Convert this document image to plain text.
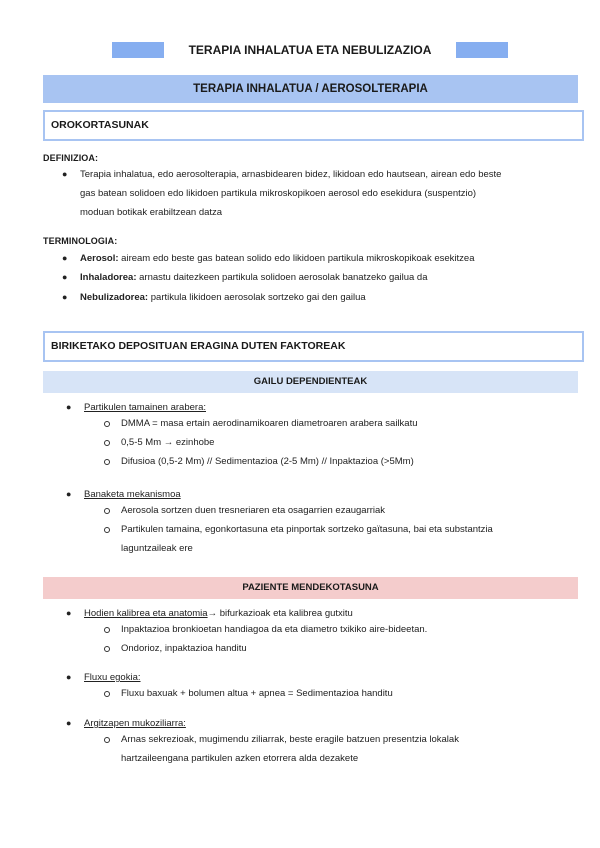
TERAPIA INHALATUA ETA NEBULIZAZIOA
TERAPIA INHALATUA / AEROSOLTERAPIA
OROKORTASUNAK
DEFINIZIOA:
● Terapia inhalatua, edo aerosolterapia, arnasbidearen bidez, likidoan edo hautsean, airean edo beste
gas batean solidoen edo likidoen partikula mikroskopikoen aerosol edo esekidura (suspentzio)
moduan botikak erabiltzean datza
TERMINOLOGIA:
● Aerosol: aiream edo beste gas batean solido edo likidoen partikula mikroskopikoak esekitzea
● Inhaladorea: arnastu daitezkeen partikula solidoen aerosolak banatzeko gailua da
● Nebulizadorea: partikula likidoen aerosolak sortzeko gai den gailua
BIRIKETAKO DEPOSITUAN ERAGINA DUTEN FAKTOREAK
GAILU DEPENDIENTEAK
● Partikulen tamainen arabera:
DMMA = masa ertain aerodinamikoaren diametroaren arabera sailkatu
0,5-5 Mm → ezinhobe
Difusioa (0,5-2 Mm) // Sedimentazioa (2-5 Mm) // Inpaktazioa (>5Mm)
● Banaketa mekanismoa
Aerosola sortzen duen tresneriaren eta osagarrien ezaugarriak
Partikulen tamaina, egonkortasuna eta pinportak sortzeko gaïtasuna, bai eta substantzia
laguntzaileak ere
PAZIENTE MENDEKOTASUNA
● Hodien kalibrea eta anatomia→ bifurkazioak eta kalibrea gutxitu
Inpaktazioa bronkioetan handiagoa da eta diametro txikiko aire-bideetan.
Ondorioz, inpaktazioa handitu
● Fluxu egokia:
Fluxu baxuak + bolumen altua + apnea = Sedimentazioa handitu
● Argitzapen mukoziliarra:
Arnas sekrezioak, mugimendu ziliarrak, beste eragile batzuen presentzia lokalak
hartzaileengana partikulen azken etorrera alda dezakete
